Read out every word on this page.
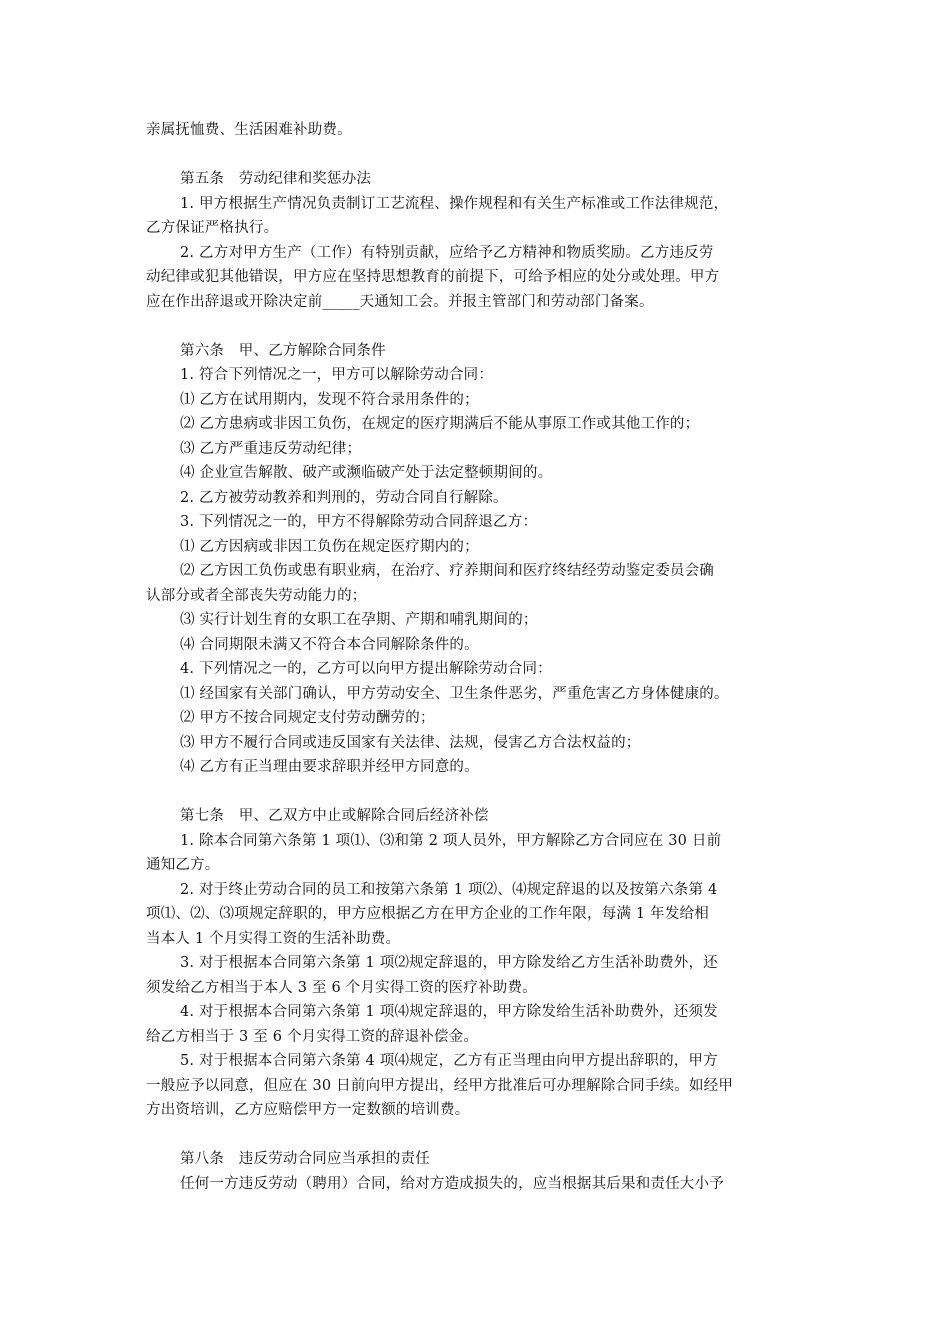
亲属抚恤费、生活困难补助费。
第五条　劳动纪律和奖惩办法
1. 甲方根据生产情况负责制订工艺流程、操作规程和有关生产标准或工作法律规范，
乙方保证严格执行。
2. 乙方对甲方生产（工作）有特别贡献，应给予乙方精神和物质奖励。乙方违反劳
动纪律或犯其他错误，甲方应在坚持思想教育的前提下，可给予相应的处分或处理。甲方
应在作出辞退或开除决定前_____天通知工会。并报主管部门和劳动部门备案。
第六条　甲、乙方解除合同条件
1. 符合下列情况之一，甲方可以解除劳动合同：
⑴ 乙方在试用期内，发现不符合录用条件的；
⑵ 乙方患病或非因工负伤，在规定的医疗期满后不能从事原工作或其他工作的；
⑶ 乙方严重违反劳动纪律；
⑷ 企业宣告解散、破产或濒临破产处于法定整顿期间的。
2. 乙方被劳动教养和判刑的，劳动合同自行解除。
3. 下列情况之一的，甲方不得解除劳动合同辞退乙方：
⑴ 乙方因病或非因工负伤在规定医疗期内的；
⑵ 乙方因工负伤或患有职业病，在治疗、疗养期间和医疗终结经劳动鉴定委员会确
认部分或者全部丧失劳动能力的；
⑶ 实行计划生育的女职工在孕期、产期和哺乳期间的；
⑷ 合同期限未满又不符合本合同解除条件的。
4. 下列情况之一的，乙方可以向甲方提出解除劳动合同：
⑴ 经国家有关部门确认，甲方劳动安全、卫生条件恶劣，严重危害乙方身体健康的。
⑵ 甲方不按合同规定支付劳动酬劳的；
⑶ 甲方不履行合同或违反国家有关法律、法规，侵害乙方合法权益的；
⑷ 乙方有正当理由要求辞职并经甲方同意的。
第七条　甲、乙双方中止或解除合同后经济补偿
1. 除本合同第六条第 1 项⑴、⑶和第 2 项人员外，甲方解除乙方合同应在 30 日前
通知乙方。
2. 对于终止劳动合同的员工和按第六条第 1 项⑵、⑷规定辞退的以及按第六条第 4
项⑴、⑵、⑶项规定辞职的，甲方应根据乙方在甲方企业的工作年限，每满 1 年发给相
当本人 1 个月实得工资的生活补助费。
3. 对于根据本合同第六条第 1 项⑵规定辞退的，甲方除发给乙方生活补助费外，还
须发给乙方相当于本人 3 至 6 个月实得工资的医疗补助费。
4. 对于根据本合同第六条第 1 项⑷规定辞退的，甲方除发给生活补助费外，还须发
给乙方相当于 3 至 6 个月实得工资的辞退补偿金。
5. 对于根据本合同第六条第 4 项⑷规定，乙方有正当理由向甲方提出辞职的，甲方
一般应予以同意，但应在 30 日前向甲方提出，经甲方批准后可办理解除合同手续。如经甲
方出资培训，乙方应赔偿甲方一定数额的培训费。
第八条　违反劳动合同应当承担的责任
任何一方违反劳动（聘用）合同，给对方造成损失的，应当根据其后果和责任大小予
